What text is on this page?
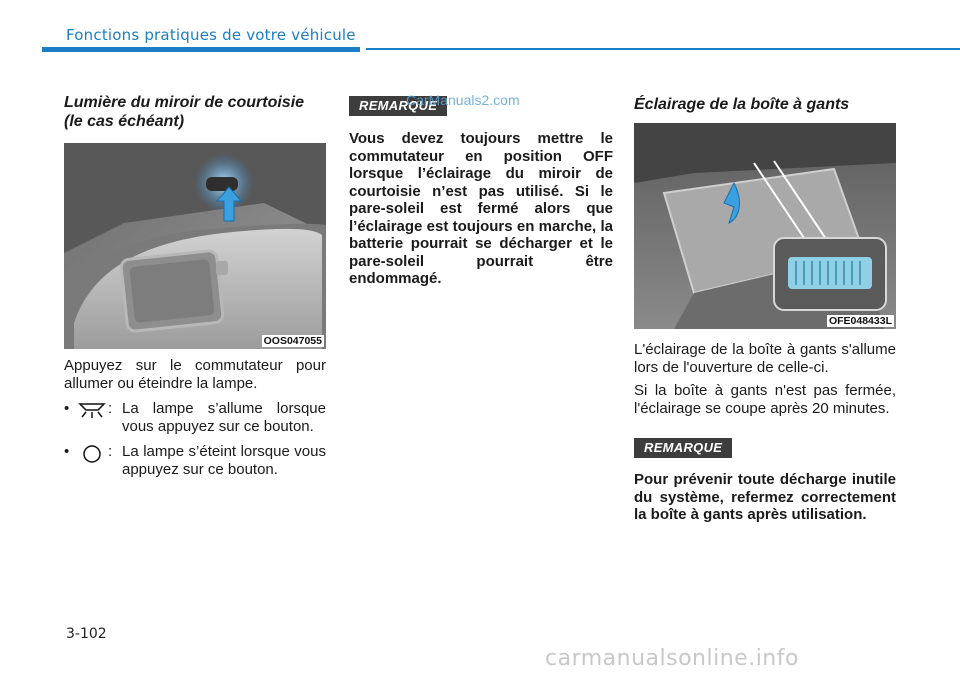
Fonctions pratiques de votre véhicule
Lumière du miroir de courtoisie
(le cas échéant)
OOS047055

Appuyez sur le commutateur pour allumer ou éteindre la lampe.

•	: La lampe s’allume lorsque vous appuyez sur ce bouton.
•	: La lampe s’éteint lorsque vous appuyez sur ce bouton.
REMARQUE

Vous devez toujours mettre le commutateur en position OFF lorsque l’éclairage du miroir de courtoisie n’est pas utilisé. Si le pare-soleil est fermé alors que l’éclairage est toujours en marche, la batterie pourrait se décharger et le pare-soleil pourrait être endommagé.

CarManuals2.com	Éclairage de la boîte à gants
OFE048433L

L'éclairage de la boîte à gants s'allume lors de l'ouverture de celle-ci.

Si la boîte à gants n'est pas fermée, l'éclairage se coupe après 20 minutes.

REMARQUE

Pour prévenir toute décharge inutile du système, refermez correctement la boîte à gants après utilisation.

3-102
carmanualsonline.info
